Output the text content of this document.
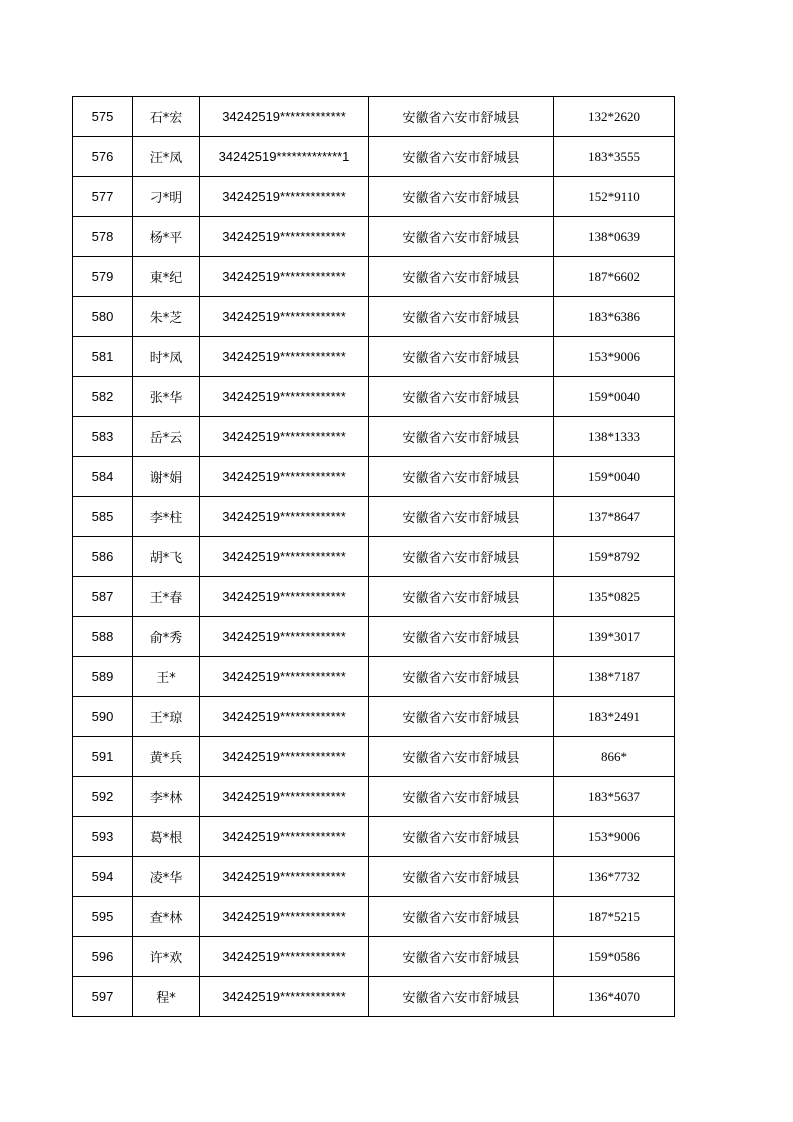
575	石*宏	34242519*************	安徽省六安市舒城县	132*2620
576	汪*凤	34242519*************1	安徽省六安市舒城县	183*3555
577	刁*明	34242519*************	安徽省六安市舒城县	152*9110
578	杨*平	34242519*************	安徽省六安市舒城县	138*0639
579	東*纪	34242519*************	安徽省六安市舒城县	187*6602
580	朱*芝	34242519*************	安徽省六安市舒城县	183*6386
581	时*凤	34242519*************	安徽省六安市舒城县	153*9006
582	张*华	34242519*************	安徽省六安市舒城县	159*0040
583	岳*云	34242519*************	安徽省六安市舒城县	138*1333
584	谢*娟	34242519*************	安徽省六安市舒城县	159*0040
585	李*柱	34242519*************	安徽省六安市舒城县	137*8647
586	胡*飞	34242519*************	安徽省六安市舒城县	159*8792
587	王*春	34242519*************	安徽省六安市舒城县	135*0825
588	俞*秀	34242519*************	安徽省六安市舒城县	139*3017
589	王*	34242519*************	安徽省六安市舒城县	138*7187
590	王*琼	34242519*************	安徽省六安市舒城县	183*2491
591	黄*兵	34242519*************	安徽省六安市舒城县	866*
592	李*林	34242519*************	安徽省六安市舒城县	183*5637
593	葛*根	34242519*************	安徽省六安市舒城县	153*9006
594	凌*华	34242519*************	安徽省六安市舒城县	136*7732
595	查*林	34242519*************	安徽省六安市舒城县	187*5215
596	许*欢	34242519*************	安徽省六安市舒城县	159*0586
597	程*	34242519*************	安徽省六安市舒城县	136*4070
